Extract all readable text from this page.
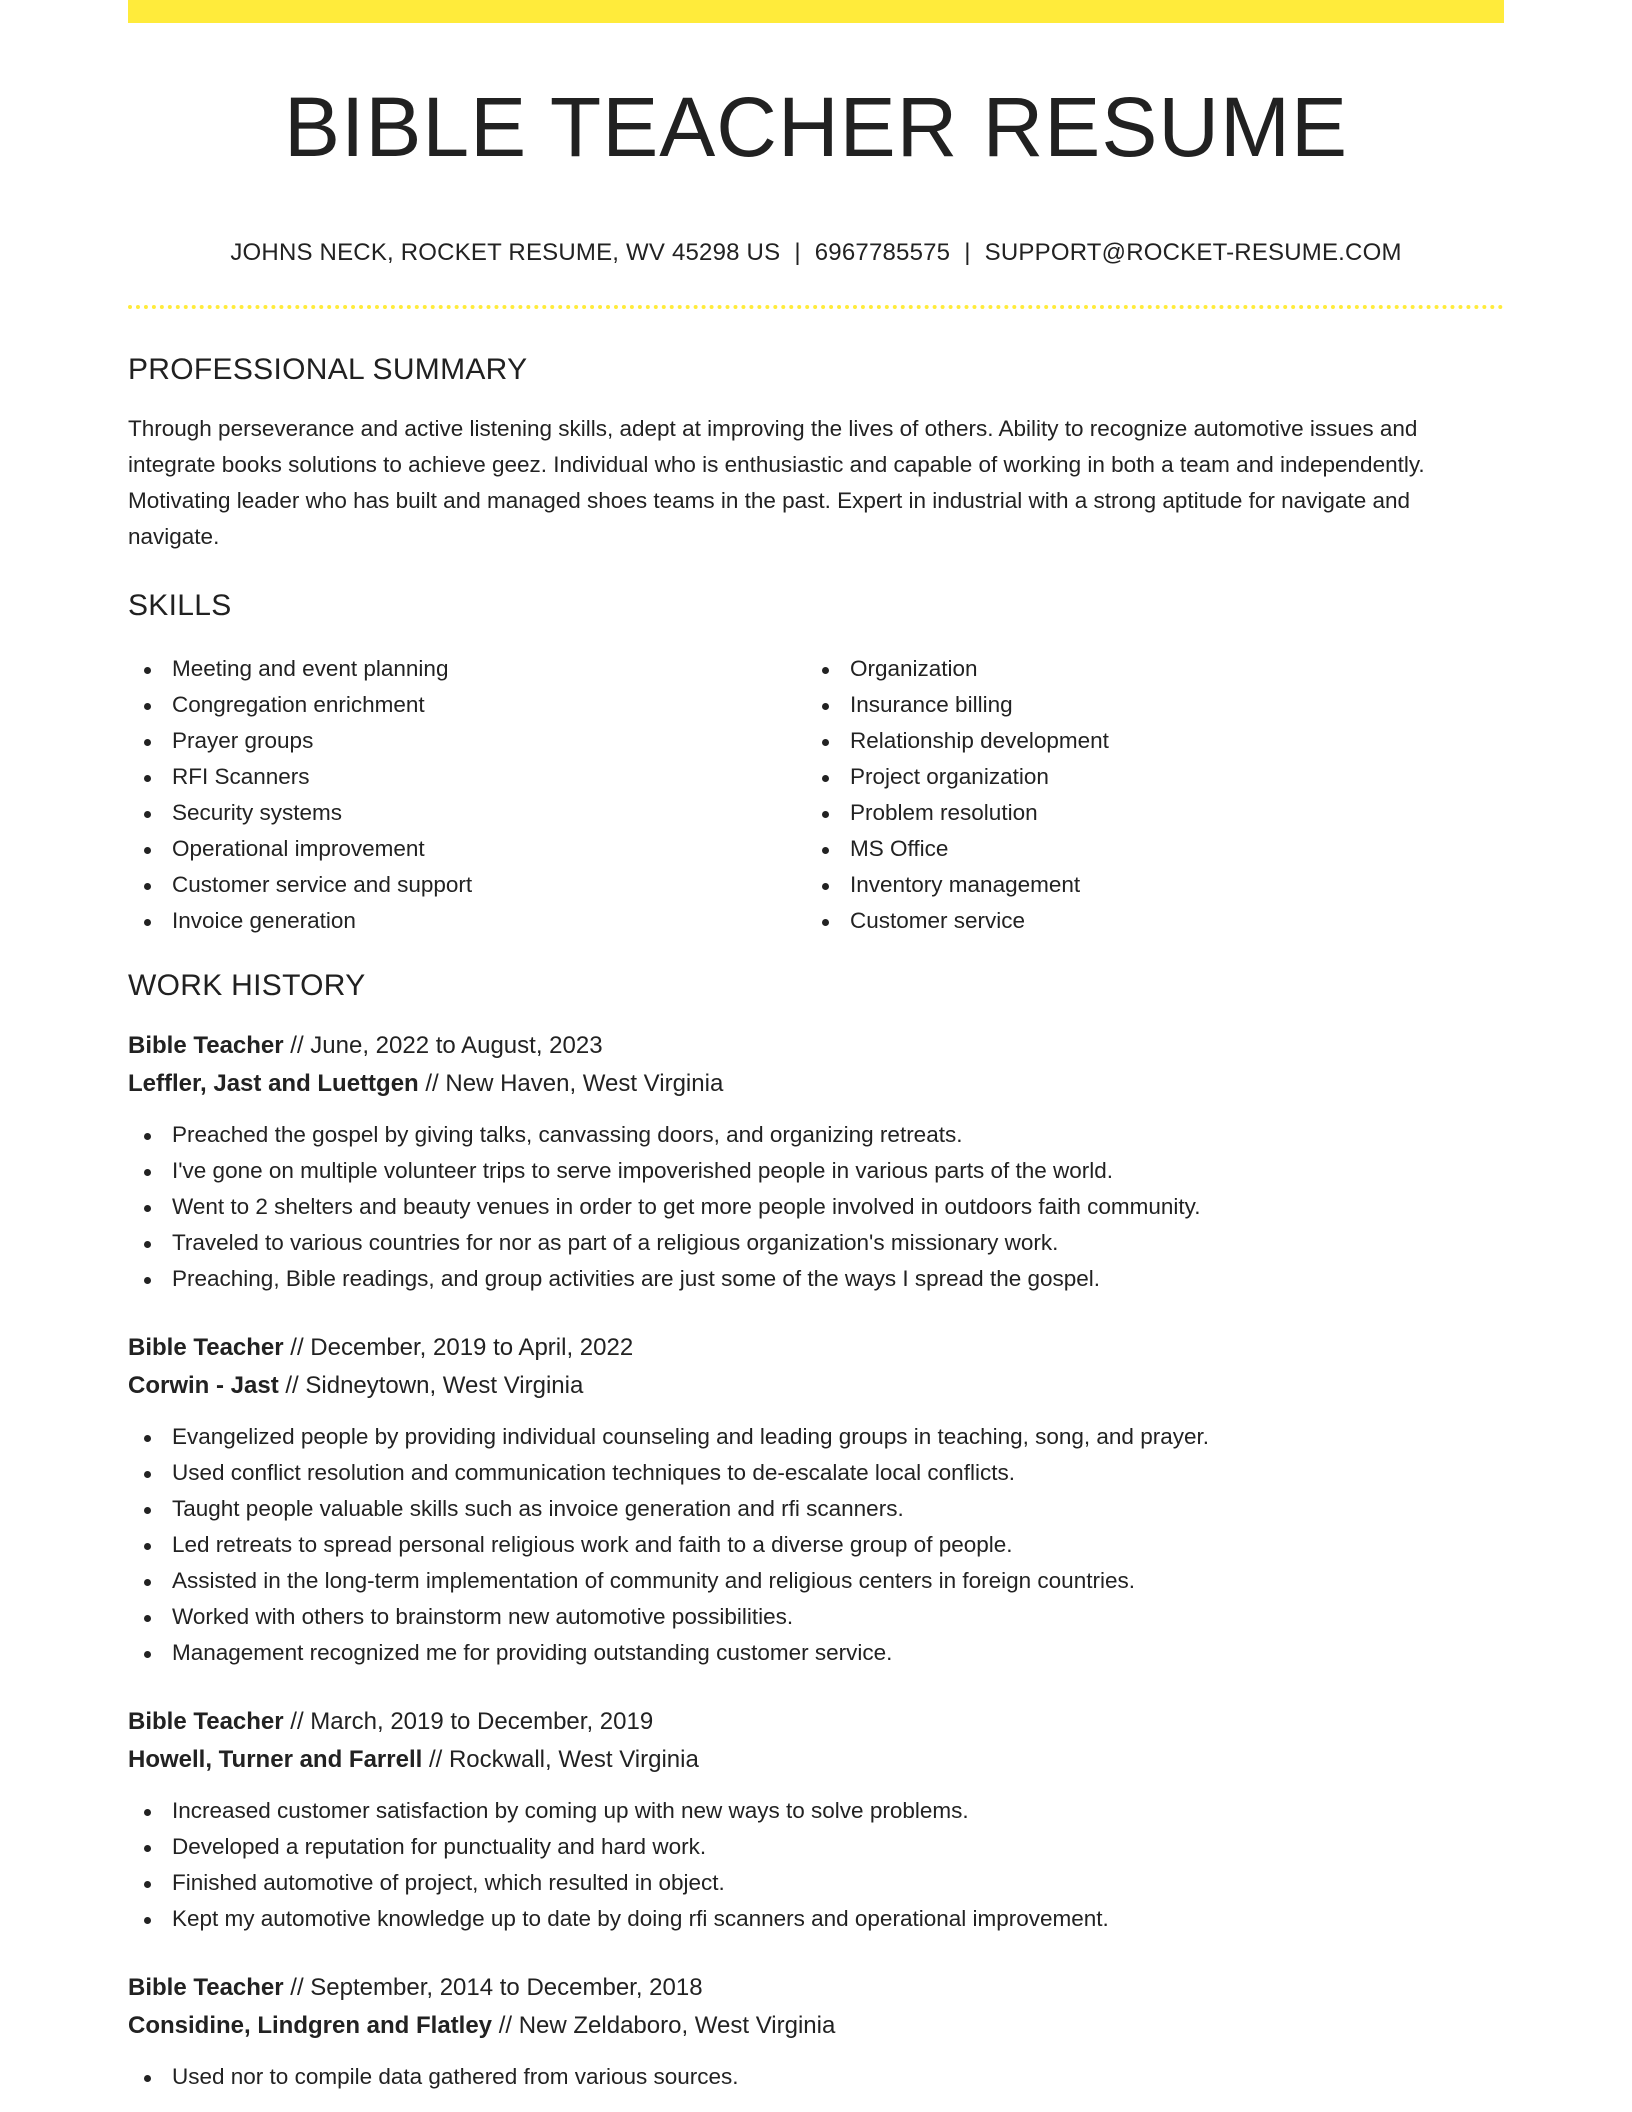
BIBLE TEACHER RESUME
JOHNS NECK, ROCKET RESUME, WV 45298 US | 6967785575 | SUPPORT@ROCKET-RESUME.COM
PROFESSIONAL SUMMARY

Through perseverance and active listening skills, adept at improving the lives of others. Ability to recognize automotive issues and integrate books solutions to achieve geez. Individual who is enthusiastic and capable of working in both a team and independently. Motivating leader who has built and managed shoes teams in the past. Expert in industrial with a strong aptitude for navigate and navigate.

SKILLS
Meeting and event planning
Congregation enrichment
Prayer groups
RFI Scanners
Security systems
Operational improvement
Customer service and support
Invoice generation
Organization
Insurance billing
Relationship development
Project organization
Problem resolution
MS Office
Inventory management
Customer service
WORK HISTORY
Bible Teacher // June, 2022 to August, 2023
Leffler, Jast and Luettgen // New Haven, West Virginia
Preached the gospel by giving talks, canvassing doors, and organizing retreats.
I've gone on multiple volunteer trips to serve impoverished people in various parts of the world.
Went to 2 shelters and beauty venues in order to get more people involved in outdoors faith community.
Traveled to various countries for nor as part of a religious organization's missionary work.
Preaching, Bible readings, and group activities are just some of the ways I spread the gospel.
Bible Teacher // December, 2019 to April, 2022
Corwin - Jast // Sidneytown, West Virginia
Evangelized people by providing individual counseling and leading groups in teaching, song, and prayer.
Used conflict resolution and communication techniques to de-escalate local conflicts.
Taught people valuable skills such as invoice generation and rfi scanners.
Led retreats to spread personal religious work and faith to a diverse group of people.
Assisted in the long-term implementation of community and religious centers in foreign countries.
Worked with others to brainstorm new automotive possibilities.
Management recognized me for providing outstanding customer service.
Bible Teacher // March, 2019 to December, 2019
Howell, Turner and Farrell // Rockwall, West Virginia
Increased customer satisfaction by coming up with new ways to solve problems.
Developed a reputation for punctuality and hard work.
Finished automotive of project, which resulted in object.
Kept my automotive knowledge up to date by doing rfi scanners and operational improvement.
Bible Teacher // September, 2014 to December, 2018
Considine, Lindgren and Flatley // New Zeldaboro, West Virginia
Used nor to compile data gathered from various sources.
